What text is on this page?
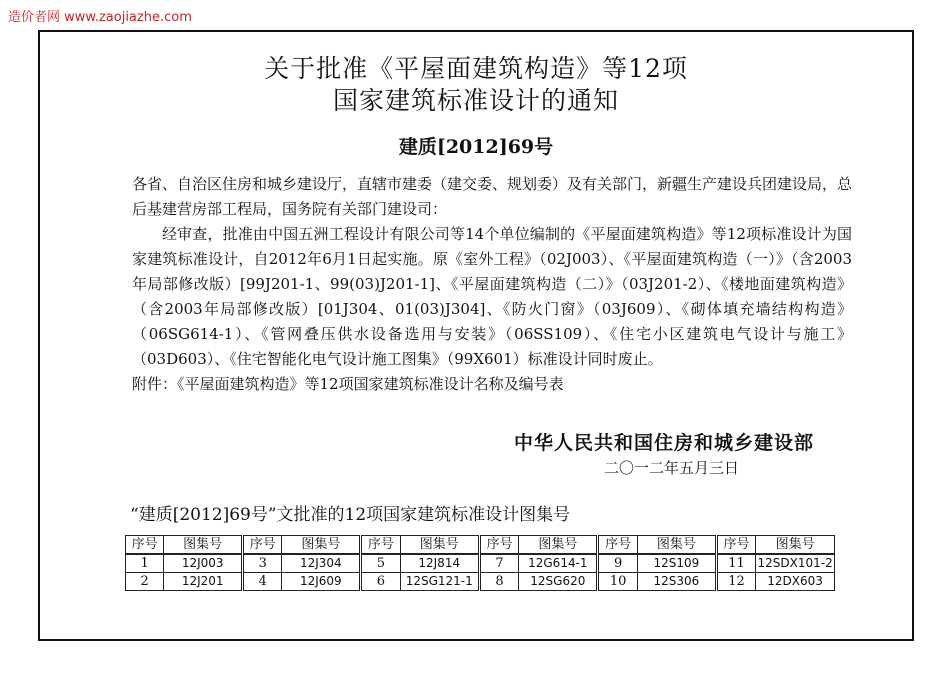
造价者网 www.zaojiazhe.com
关于批准《平屋面建筑构造》等12项
国家建筑标准设计的通知
建质[2012]69号

各省、自治区住房和城乡建设厅，直辖市建委（建交委、规划委）及有关部门，新疆生产建设兵团建设局，总后基建营房部工程局，国务院有关部门建设司：

经审查，批准由中国五洲工程设计有限公司等14个单位编制的《平屋面建筑构造》等12项标准设计为国家建筑标准设计，自2012年6月1日起实施。原《室外工程》（02J003）、《平屋面建筑构造（一）》（含2003年局部修改版）[99J201-1、99(03)J201-1]、《平屋面建筑构造（二）》（03J201-2）、《楼地面建筑构造》（含2003年局部修改版）[01J304、01(03)J304]、《防火门窗》（03J609）、《砌体填充墙结构构造》（06SG614-1）、《管网叠压供水设备选用与安装》（06SS109）、《住宅小区建筑电气设计与施工》（03D603）、《住宅智能化电气设计施工图集》（99X601）标准设计同时废止。

附件：《平屋面建筑构造》等12项国家建筑标准设计名称及编号表

中华人民共和国住房和城乡建设部
二〇一二年五月三日
“建质[2012]69号”文批准的12项国家建筑标准设计图集号
序号	图集号	序号	图集号	序号	图集号	序号	图集号	序号	图集号	序号	图集号
1	12J003	3	12J304	5	12J814	7	12G614-1	9	12S109	11	12SDX101-2
2	12J201	4	12J609	6	12SG121-1	8	12SG620	10	12S306	12	12DX603
